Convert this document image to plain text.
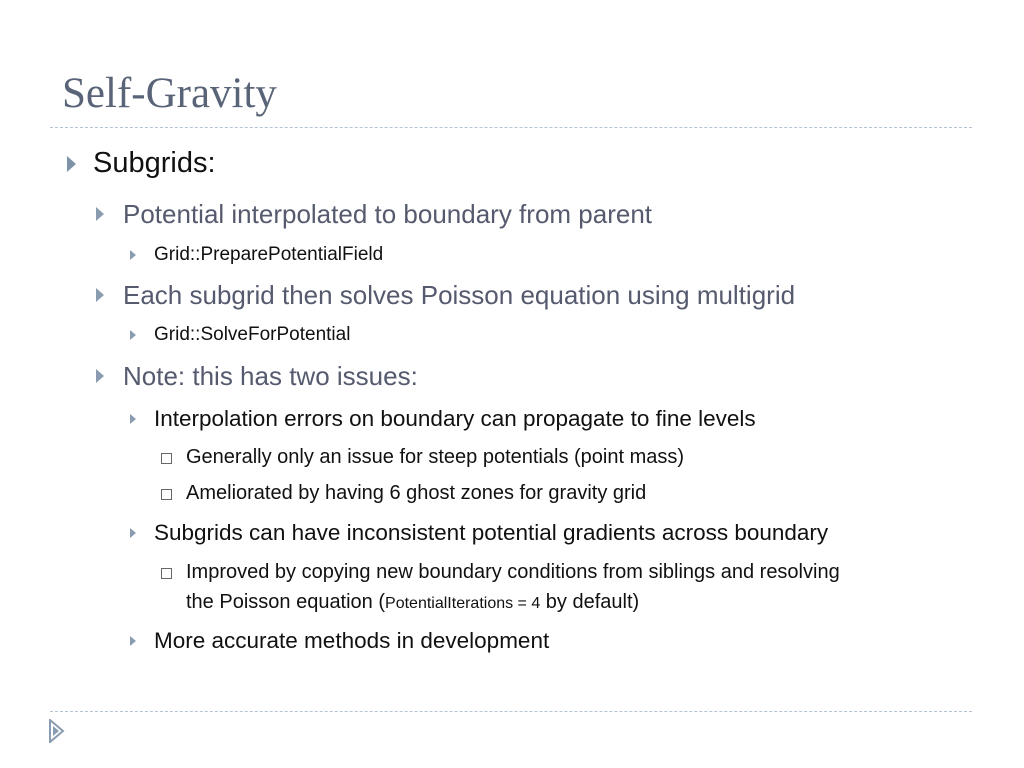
Self-Gravity
Subgrids:
Potential interpolated to boundary from parent
Grid::PreparePotentialField
Each subgrid then solves Poisson equation using multigrid
Grid::SolveForPotential
Note: this has two issues:
Interpolation errors on boundary can propagate to fine levels
Generally only an issue for steep potentials (point mass)
Ameliorated by having 6 ghost zones for gravity grid
Subgrids can have inconsistent potential gradients across boundary
Improved by copying new boundary conditions from siblings and resolving
the Poisson equation (PotentialIterations = 4 by default)
More accurate methods in development
